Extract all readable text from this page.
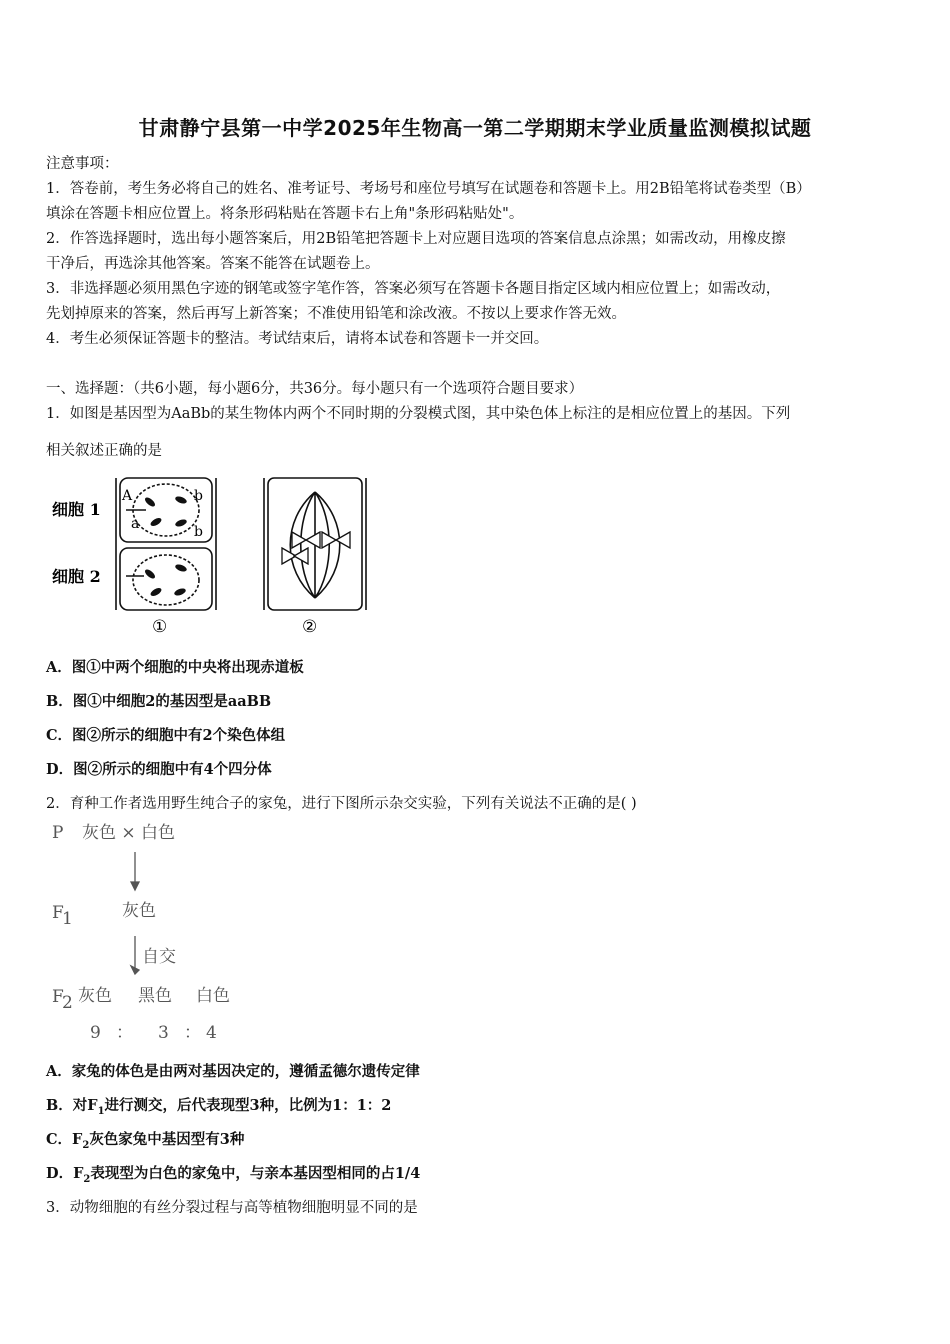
甘肃静宁县第一中学2025年生物高一第二学期期末学业质量监测模拟试题
注意事项：
1．答卷前，考生务必将自己的姓名、准考证号、考场号和座位号填写在试题卷和答题卡上。用2B铅笔将试卷类型（B）
填涂在答题卡相应位置上。将条形码粘贴在答题卡右上角"条形码粘贴处"。
2．作答选择题时，选出每小题答案后，用2B铅笔把答题卡上对应题目选项的答案信息点涂黑；如需改动，用橡皮擦
干净后，再选涂其他答案。答案不能答在试题卷上。
3．非选择题必须用黑色字迹的钢笔或签字笔作答，答案必须写在答题卡各题目指定区域内相应位置上；如需改动，
先划掉原来的答案，然后再写上新答案；不准使用铅笔和涂改液。不按以上要求作答无效。
4．考生必须保证答题卡的整洁。考试结束后，请将本试卷和答题卡一并交回。
一、选择题：（共6小题，每小题6分，共36分。每小题只有一个选项符合题目要求）
1．如图是基因型为AaBb的某生物体内两个不同时期的分裂模式图，其中染色体上标注的是相应位置上的基因。下列
相关叙述正确的是
细胞 1
细胞 2
A
a
b
b
①	②
A．图①中两个细胞的中央将出现赤道板
B．图①中细胞2的基因型是aaBB
C．图②所示的细胞中有2个染色体组
D．图②所示的细胞中有4个四分体
2．育种工作者选用野生纯合子的家兔，进行下图所示杂交实验，下列有关说法不正确的是( )
P 灰色 × 白色
F
1	灰色
自交
F
2 灰色 黑色 白色
9 ： 3 ： 4
A．家兔的体色是由两对基因决定的，遵循孟德尔遗传定律
B．对$F_1$进行测交，后代表现型3种，比例为1：1：2
C．$F_2$灰色家兔中基因型有3种
D．$F_2$表现型为白色的家兔中，与亲本基因型相同的占1/4
3．动物细胞的有丝分裂过程与高等植物细胞明显不同的是
